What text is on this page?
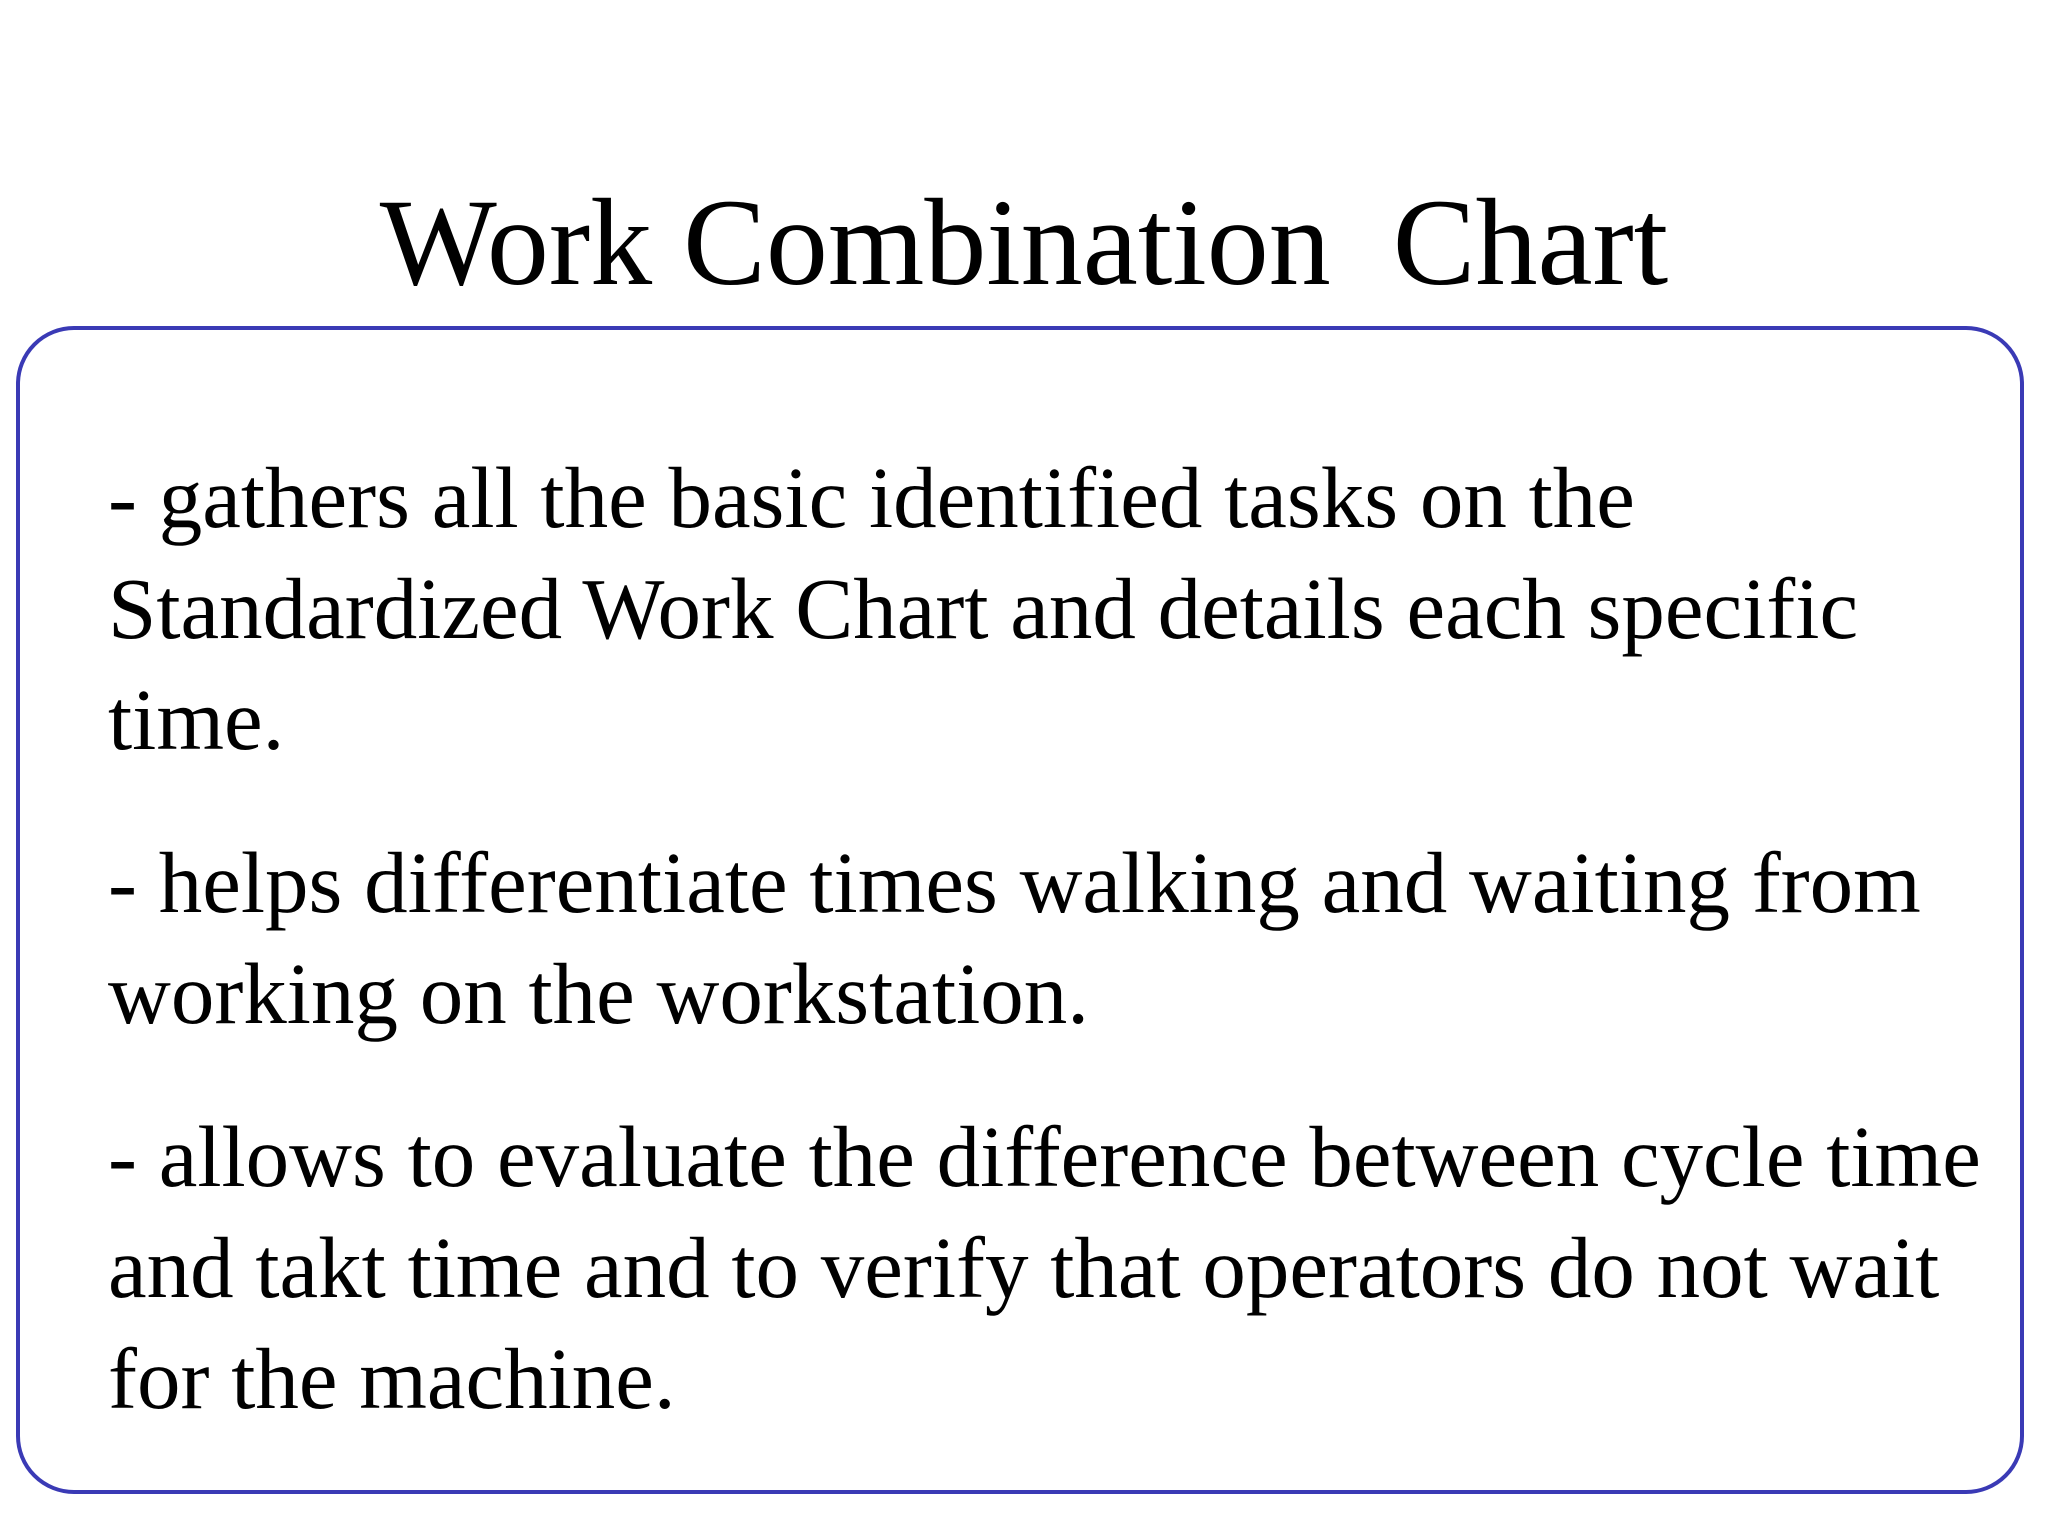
Work Combination  Chart
- gathers all the basic identified tasks on the Standardized Work Chart and details each specific time.
- helps differentiate times walking and waiting from working on the workstation.
- allows to evaluate the difference between cycle time and takt time and to verify that operators do not wait for the machine.
